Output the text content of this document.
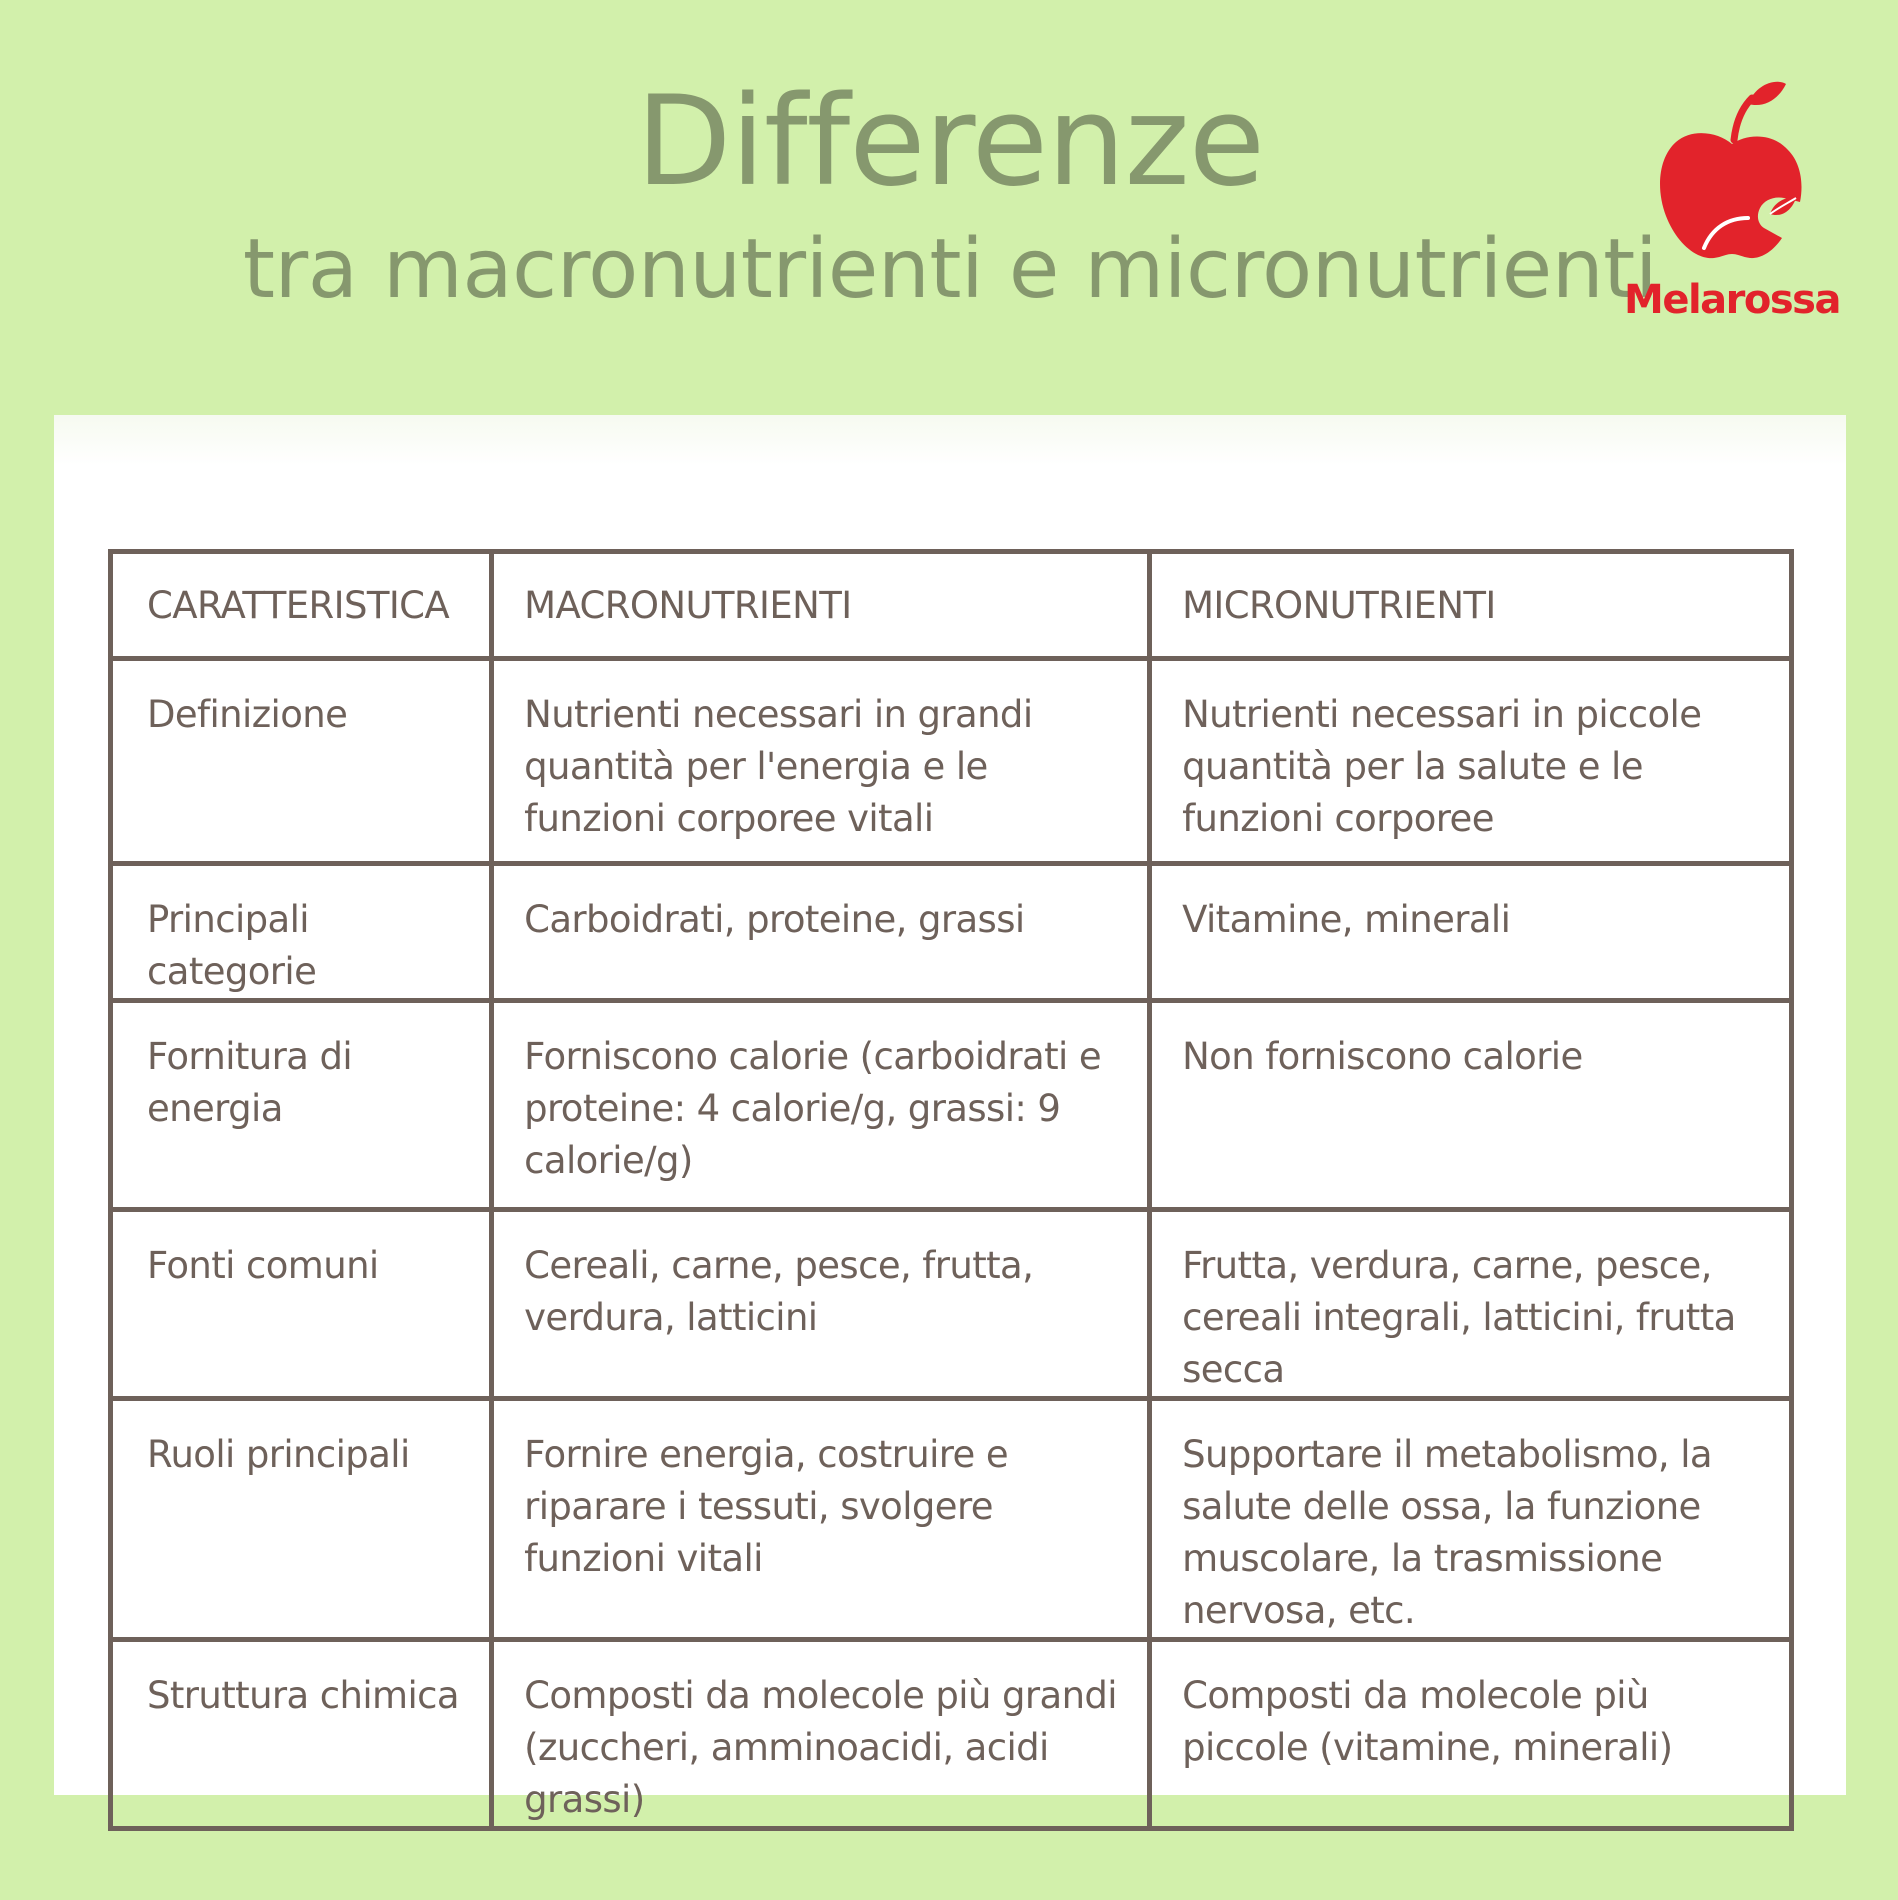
Differenze
tra macronutrienti e micronutrienti
Melarossa
CARATTERISTICA	MACRONUTRIENTI	MICRONUTRIENTI
Definizione	Nutrienti necessari in grandi quantità per l'energia e le funzioni corporee vitali	Nutrienti necessari in piccole quantità per la salute e le funzioni corporee
Principali categorie	Carboidrati, proteine, grassi	Vitamine, minerali
Fornitura di energia	Forniscono calorie (carboidrati e proteine: 4 calorie/g, grassi: 9 calorie/g)	Non forniscono calorie
Fonti comuni	Cereali, carne, pesce, frutta, verdura, latticini	Frutta, verdura, carne, pesce, cereali integrali, latticini, frutta secca
Ruoli principali	Fornire energia, costruire e riparare i tessuti, svolgere funzioni vitali	Supportare il metabolismo, la salute delle ossa, la funzione muscolare, la trasmissione nervosa, etc.
Struttura chimica	Composti da molecole più grandi (zuccheri, amminoacidi, acidi grassi)	Composti da molecole più piccole (vitamine, minerali)
